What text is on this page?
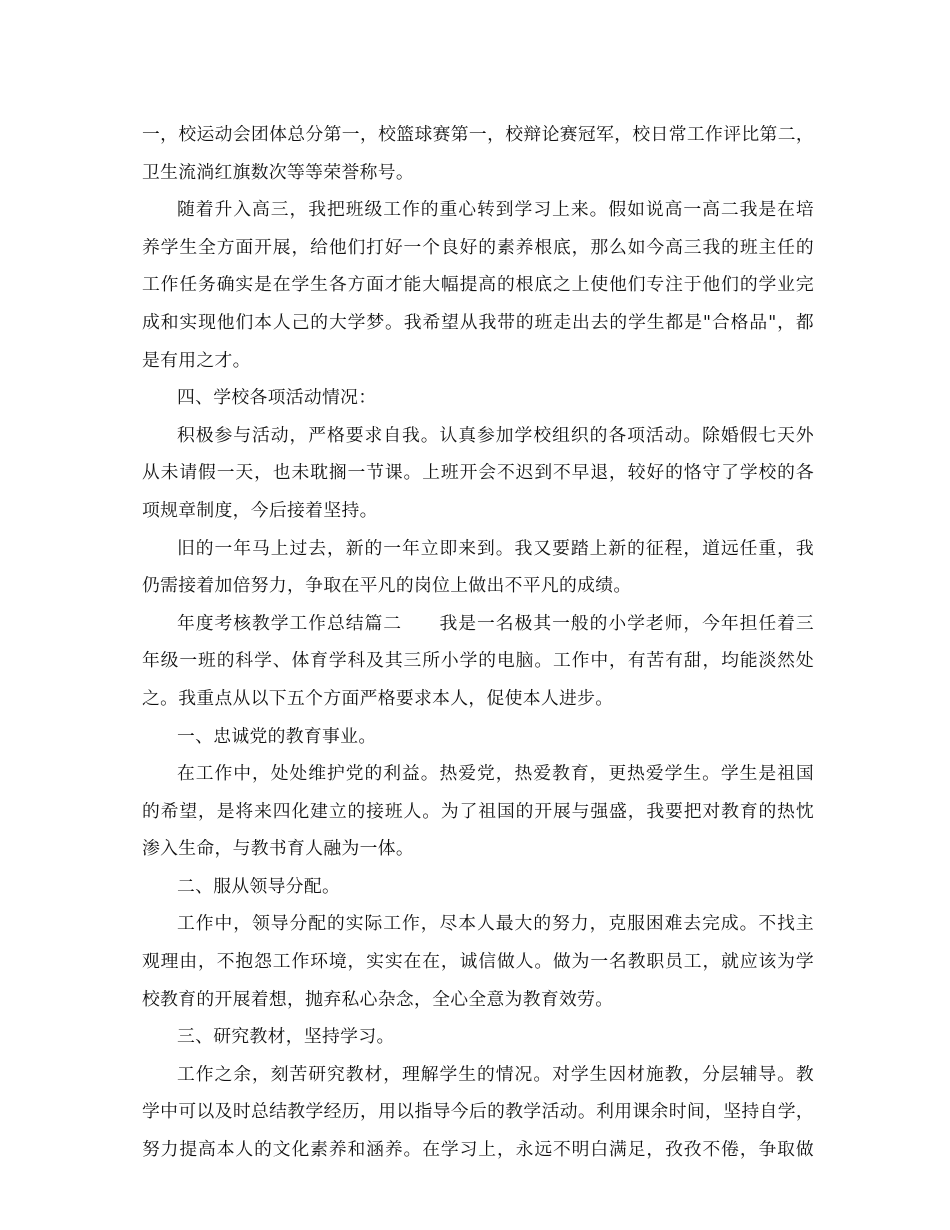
一，校运动会团体总分第一，校篮球赛第一，校辩论赛冠军，校日常工作评比第二，
卫生流淌红旗数次等等荣誉称号。
随着升入高三，我把班级工作的重心转到学习上来。假如说高一高二我是在培
养学生全方面开展，给他们打好一个良好的素养根底，那么如今高三我的班主任的
工作任务确实是在学生各方面才能大幅提高的根底之上使他们专注于他们的学业完
成和实现他们本人己的大学梦。我希望从我带的班走出去的学生都是"合格品"，都
是有用之才。
四、学校各项活动情况：
积极参与活动，严格要求自我。认真参加学校组织的各项活动。除婚假七天外
从未请假一天，也未耽搁一节课。上班开会不迟到不早退，较好的恪守了学校的各
项规章制度，今后接着坚持。
旧的一年马上过去，新的一年立即来到。我又要踏上新的征程，道远任重，我
仍需接着加倍努力，争取在平凡的岗位上做出不平凡的成绩。
年度考核教学工作总结篇二　　我是一名极其一般的小学老师，今年担任着三
年级一班的科学、体育学科及其三所小学的电脑。工作中，有苦有甜，均能淡然处
之。我重点从以下五个方面严格要求本人，促使本人进步。
一、忠诚党的教育事业。
在工作中，处处维护党的利益。热爱党，热爱教育，更热爱学生。学生是祖国
的希望，是将来四化建立的接班人。为了祖国的开展与强盛，我要把对教育的热忱
渗入生命，与教书育人融为一体。
二、服从领导分配。
工作中，领导分配的实际工作，尽本人最大的努力，克服困难去完成。不找主
观理由，不抱怨工作环境，实实在在，诚信做人。做为一名教职员工，就应该为学
校教育的开展着想，抛弃私心杂念，全心全意为教育效劳。
三、研究教材，坚持学习。
工作之余，刻苦研究教材，理解学生的情况。对学生因材施教，分层辅导。教
学中可以及时总结教学经历，用以指导今后的教学活动。利用课余时间，坚持自学，
努力提高本人的文化素养和涵养。在学习上，永远不明白满足，孜孜不倦，争取做
